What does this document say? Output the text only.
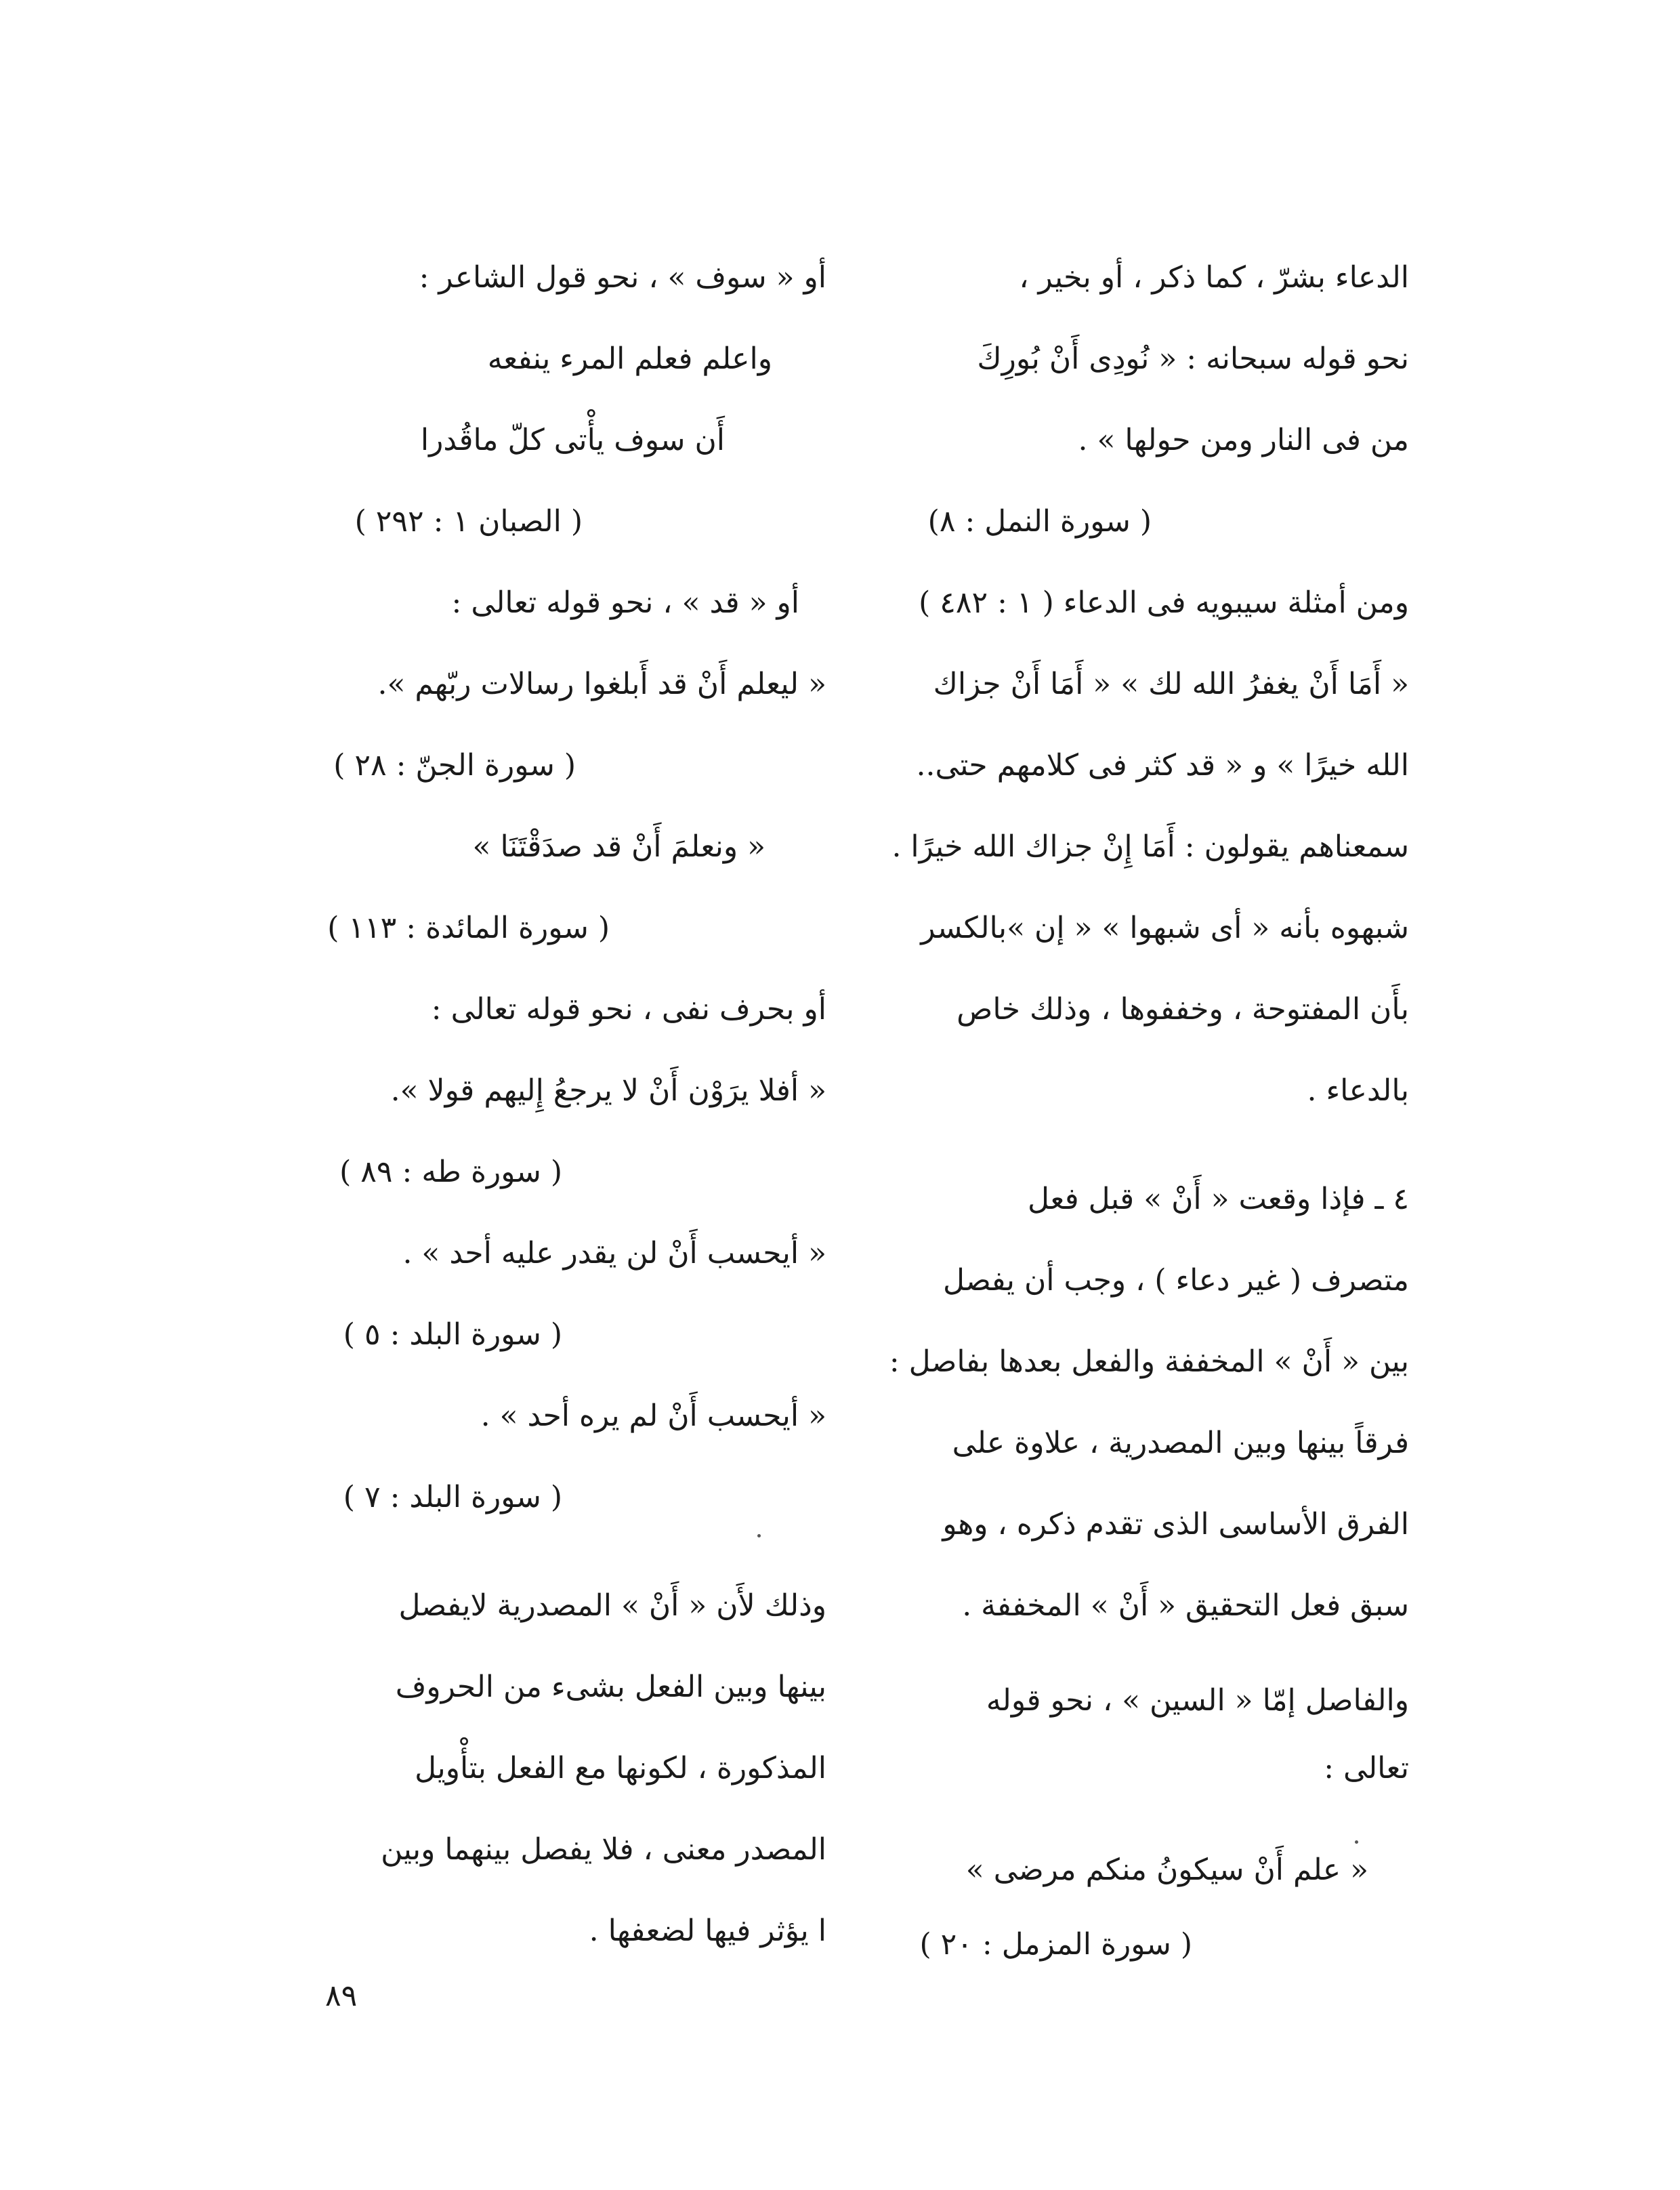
الدعاء بشرّ ، كما ذكر ، أو بخير ،
نحو قوله سبحانه : « نُودِى أَنْ بُورِكَ
من فى النار ومن حولها » .
( سورة النمل : ٨)
ومن أمثلة سيبويه فى الدعاء ( ١ : ٤٨٢ )
« أَمَا أَنْ يغفرُ الله لك » « أَمَا أَنْ جزاك
الله خيرًا » و « قد كثر فى كلامهم حتى..
سمعناهم يقولون : أَمَا إِنْ جزاك الله خيرًا .
شبهوه بأنه « أى شبهوا » « إن »بالكسر
بأَن المفتوحة ، وخففوها ، وذلك خاص
بالدعاء .
٤ ـ فإذا وقعت « أَنْ » قبل فعل
متصرف ( غير دعاء ) ، وجب أن يفصل
بين « أَنْ » المخففة والفعل بعدها بفاصل :
فرقاً بينها وبين المصدرية ، علاوة على
الفرق الأساسى الذى تقدم ذكره ، وهو
سبق فعل التحقيق « أَنْ » المخففة .
والفاصل إمّا « السين » ، نحو قوله
تعالى :
« علم أَنْ سيكونُ منكم مرضى »
( سورة المزمل : ٢٠ )
أو « سوف » ، نحو قول الشاعر :
واعلم فعلم المرء ينفعه
أَن سوف يأْتى كلّ ماقُدرا
( الصبان ١ : ٢٩٢ )
أو « قد » ، نحو قوله تعالى :
« ليعلم أَنْ قد أَبلغوا رسالات ربّهم ».
( سورة الجنّ : ٢٨ )
« ونعلمَ أَنْ قد صدَقْتَنَا »
( سورة المائدة : ١١٣ )
أو بحرف نفى ، نحو قوله تعالى :
« أفلا يرَوْن أَنْ لا يرجعُ إِليهم قولا ».
( سورة طه : ٨٩ )
« أيحسب أَنْ لن يقدر عليه أحد » .
( سورة البلد : ٥ )
« أيحسب أَنْ لم يره أحد » .
( سورة البلد : ٧ )
وذلك لأَن « أَنْ » المصدرية لايفصل
بينها وبين الفعل بشىء من الحروف
المذكورة ، لكونها مع الفعل بتأْويل
المصدر معنى ، فلا يفصل بينهما وبين
ا يؤثر فيها لضعفها .
٨٩
